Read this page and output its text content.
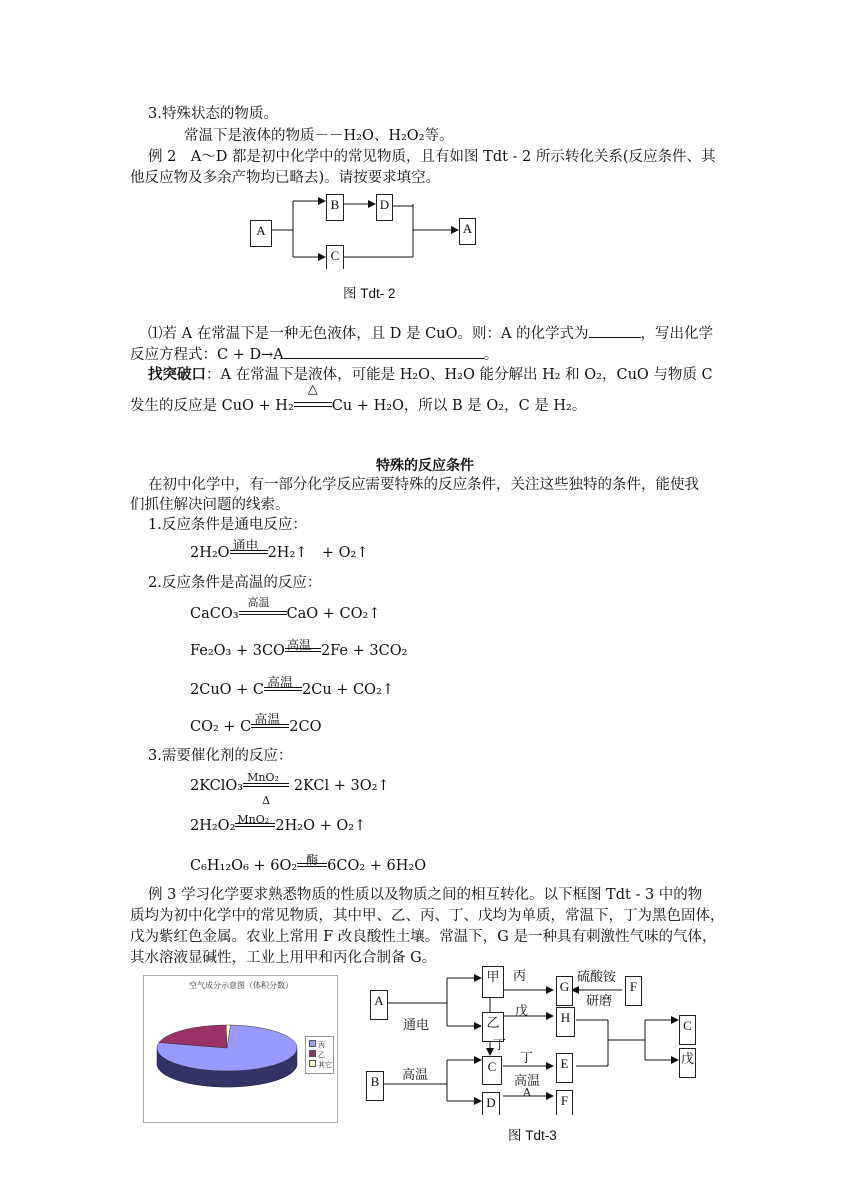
3.特殊状态的物质。
常温下是液体的物质－－H₂O、H₂O₂等。
例 2　A～D 都是初中化学中的常见物质，且有如图 Tdt - 2 所示转化关系(反应条件、其
他反应物及多余产物均已略去)。请按要求填空。
A
B	D
C
A
图 Tdt- 2
⑴若 A 在常温下是一种无色液体，且 D 是 CuO。则：A 的化学式为	，写出化学
反应方程式：C + D→A	。
找突破口：A 在常温下是液体，可能是 H₂O、H₂O 能分解出 H₂ 和 O₂，CuO 与物质 C
发生的反应是 CuO + H₂
△
Cu + H₂O，所以 B 是 O₂，C 是 H₂。
特殊的反应条件
在初中化学中，有一部分化学反应需要特殊的反应条件，关注这些独特的条件，能使我
们抓住解决问题的线索。
1.反应条件是通电反应：
2H₂O 通电 2H₂↑　+ O₂↑
2.反应条件是高温的反应：
CaCO₃
高温
CaO + CO₂↑
Fe₂O₃ + 3CO 高温 2Fe + 3CO₂
2CuO + C 高温 2Cu + CO₂↑
CO₂ + C 高温 2CO
3.需要催化剂的反应：
2KClO₃
MnO₂
Δ
2KCl + 3O₂↑
2H₂O₂ MnO₂ 2H₂O + O₂↑
C₆H₁₂O₆ + 6O₂ 酶 6CO₂ + 6H₂O
例 3 学习化学要求熟悉物质的性质以及物质之间的相互转化。以下框图 Tdt - 3 中的物
质均为初中化学中的常见物质，其中甲、乙、丙、丁、戊均为单质，常温下，丁为黑色固体，
戊为紫红色金属。农业上常用 F 改良酸性土壤。常温下，G 是一种具有刺激性气味的气体，
其水溶液显碱性，工业上用甲和丙化合制备 G。
空气成分示意图（体积分数）
丙
乙
其它
A
B
甲
乙
C
D
G
H
E
F
F
C
戊
通电
高温
丙
戊
丁
丁
高温
A
硫酸铵
研磨
图 Tdt-3
